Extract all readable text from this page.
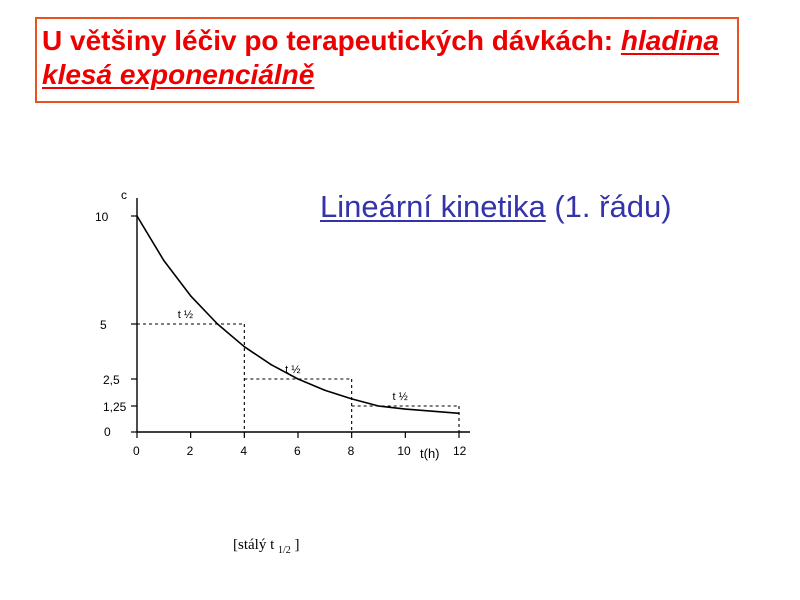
U většiny léčiv po terapeutických dávkách: hladina klesá exponenciálně
Lineární kinetika (1. řádu)
c
t(h)
0
1,25
2,5
5
10
0	2	4	6	8	10	12
t ½
t ½
t ½
[stálý t $_{1/2}$ ]
